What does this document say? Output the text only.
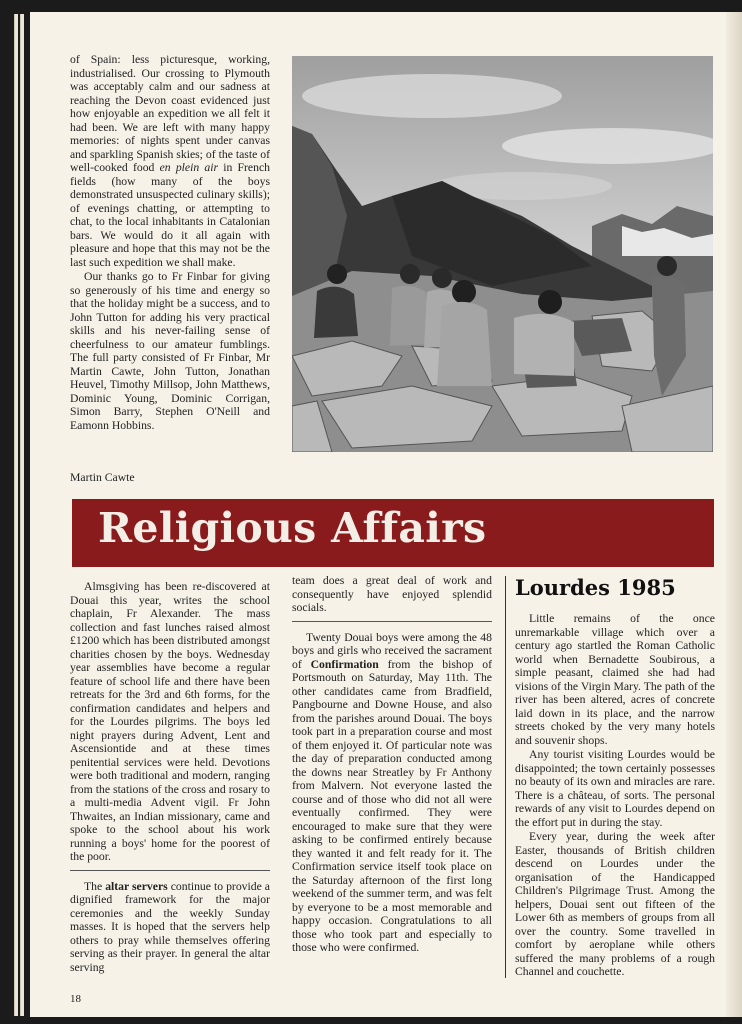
of Spain: less picturesque, working, industrialised. Our crossing to Plymouth was acceptably calm and our sadness at reaching the Devon coast evidenced just how enjoyable an expedition we all felt it had been. We are left with many happy memories: of nights spent under canvas and sparkling Spanish skies; of the taste of well-cooked food en plein air in French fields (how many of the boys demonstrated unsuspected culinary skills); of evenings chatting, or attempting to chat, to the local inhabitants in Catalonian bars. We would do it all again with pleasure and hope that this may not be the last such expedition we shall make.

Our thanks go to Fr Finbar for giving so generously of his time and energy so that the holiday might be a success, and to John Tutton for adding his very practical skills and his never-failing sense of cheerfulness to our amateur fumblings. The full party consisted of Fr Finbar, Mr Martin Cawte, John Tutton, Jonathan Heuvel, Timothy Millsop, John Matthews, Dominic Young, Dominic Corrigan, Simon Barry, Stephen O'Neill and Eamonn Hobbins.

Martin Cawte
Religious Affairs

Almsgiving has been re-discovered at Douai this year, writes the school chaplain, Fr Alexander. The mass collection and fast lunches raised almost £1200 which has been distributed amongst charities chosen by the boys. Wednesday year assemblies have become a regular feature of school life and there have been retreats for the 3rd and 6th forms, for the confirmation candidates and helpers and for the Lourdes pilgrims. The boys led night prayers during Advent, Lent and Ascensiontide and at these times penitential services were held. Devotions were both traditional and modern, ranging from the stations of the cross and rosary to a multi-media Advent vigil. Fr John Thwaites, an Indian missionary, came and spoke to the school about his work running a boys' home for the poorest of the poor.

The altar servers continue to provide a dignified framework for the major ceremonies and the weekly Sunday masses. It is hoped that the servers help others to pray while themselves offering serving as their prayer. In general the altar serving

team does a great deal of work and consequently have enjoyed splendid socials.

Twenty Douai boys were among the 48 boys and girls who received the sacrament of Confirmation from the bishop of Portsmouth on Saturday, May 11th. The other candidates came from Bradfield, Pangbourne and Downe House, and also from the parishes around Douai. The boys took part in a preparation course and most of them enjoyed it. Of particular note was the day of preparation conducted among the downs near Streatley by Fr Anthony from Malvern. Not everyone lasted the course and of those who did not all were eventually confirmed. They were encouraged to make sure that they were asking to be confirmed entirely because they wanted it and felt ready for it. The Confirmation service itself took place on the Saturday afternoon of the first long weekend of the summer term, and was felt by everyone to be a most memorable and happy occasion. Congratulations to all those who took part and especially to those who were confirmed.

Lourdes 1985

Little remains of the once unremarkable village which over a century ago startled the Roman Catholic world when Bernadette Soubirous, a simple peasant, claimed she had had visions of the Virgin Mary. The path of the river has been altered, acres of concrete laid down in its place, and the narrow streets choked by the very many hotels and souvenir shops.

Any tourist visiting Lourdes would be disappointed; the town certainly possesses no beauty of its own and miracles are rare. There is a château, of sorts. The personal rewards of any visit to Lourdes depend on the effort put in during the stay.

Every year, during the week after Easter, thousands of British children descend on Lourdes under the organisation of the Handicapped Children's Pilgrimage Trust. Among the helpers, Douai sent out fifteen of the Lower 6th as members of groups from all over the country. Some travelled in comfort by aeroplane while others suffered the many problems of a rough Channel and couchette.

18
